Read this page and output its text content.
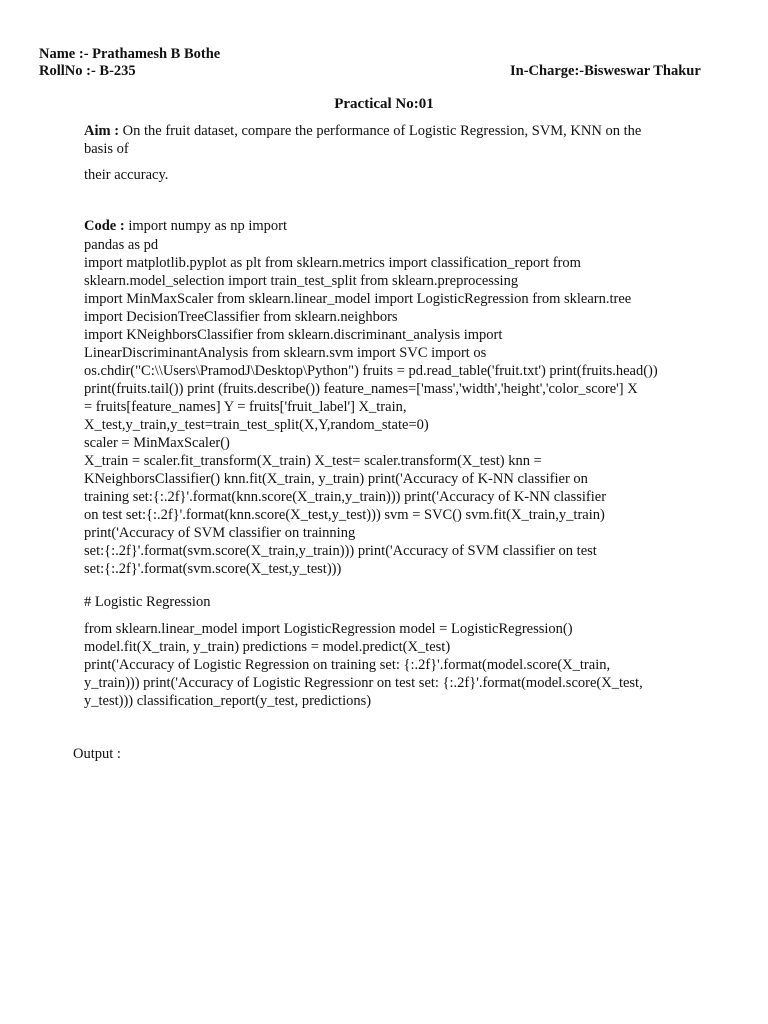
Name :- Prathamesh B Bothe
RollNo :- B-235	In-Charge:-Bisweswar Thakur
Practical No:01
Aim : On the fruit dataset, compare the performance of Logistic Regression, SVM, KNN on the
basis of
their accuracy.
Code : import numpy as np import
pandas as pd
import matplotlib.pyplot as plt from sklearn.metrics import classification_report from
sklearn.model_selection import train_test_split from sklearn.preprocessing
import MinMaxScaler from sklearn.linear_model import LogisticRegression from sklearn.tree
import DecisionTreeClassifier from sklearn.neighbors
import KNeighborsClassifier from sklearn.discriminant_analysis import
LinearDiscriminantAnalysis from sklearn.svm import SVC import os
os.chdir("C:\\Users\PramodJ\Desktop\Python") fruits = pd.read_table('fruit.txt') print(fruits.head())
print(fruits.tail()) print (fruits.describe()) feature_names=['mass','width','height','color_score'] X
= fruits[feature_names] Y = fruits['fruit_label'] X_train,
X_test,y_train,y_test=train_test_split(X,Y,random_state=0)
scaler = MinMaxScaler()
X_train = scaler.fit_transform(X_train) X_test= scaler.transform(X_test) knn =
KNeighborsClassifier() knn.fit(X_train, y_train) print('Accuracy of K-NN classifier on
training set:{:.2f}'.format(knn.score(X_train,y_train))) print('Accuracy of K-NN classifier
on test set:{:.2f}'.format(knn.score(X_test,y_test))) svm = SVC() svm.fit(X_train,y_train)
print('Accuracy of SVM classifier on trainning
set:{:.2f}'.format(svm.score(X_train,y_train))) print('Accuracy of SVM classifier on test
set:{:.2f}'.format(svm.score(X_test,y_test)))
# Logistic Regression
from sklearn.linear_model import LogisticRegression model = LogisticRegression()
model.fit(X_train, y_train) predictions = model.predict(X_test)
print('Accuracy of Logistic Regression on training set: {:.2f}'.format(model.score(X_train,
y_train))) print('Accuracy of Logistic Regressionr on test set: {:.2f}'.format(model.score(X_test,
y_test))) classification_report(y_test, predictions)
Output :
